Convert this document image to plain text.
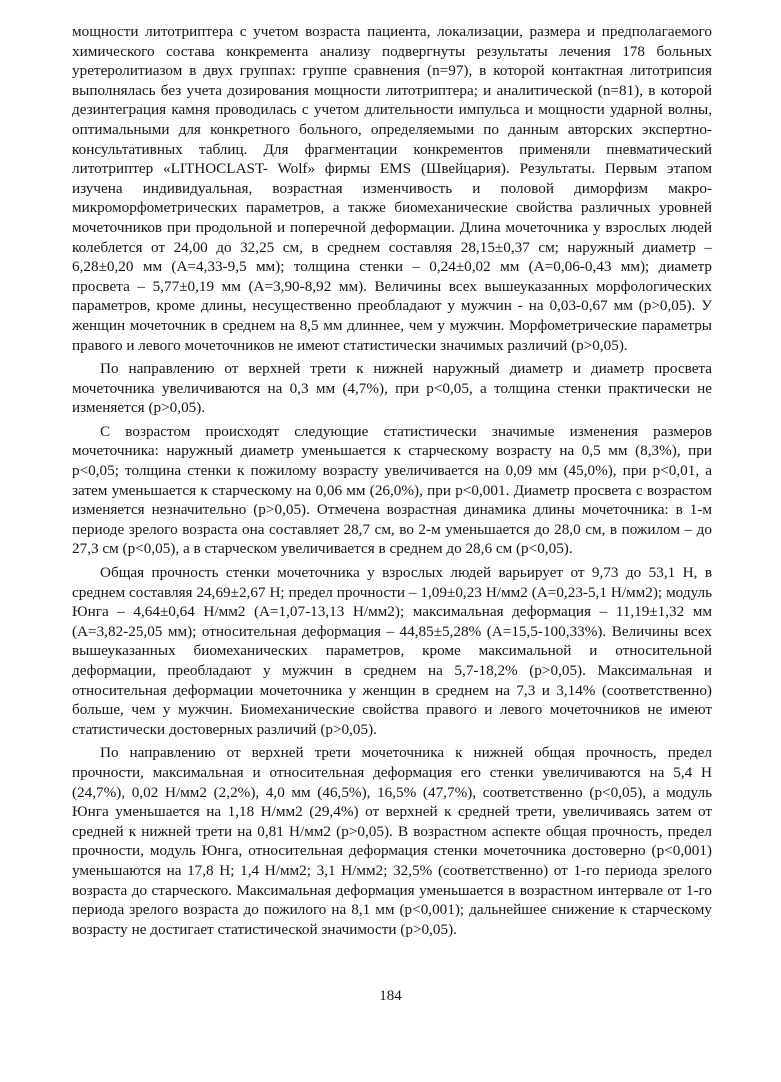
мощности литотриптера с учетом возраста пациента, локализации, размера и предполагаемого химического состава конкремента анализу подвергнуты результаты лечения 178 больных уретеролитиазом в двух группах: группе сравнения (n=97), в которой контактная литотрипсия выполнялась без учета дозирования мощности литотриптера; и аналитической (n=81), в которой дезинтеграция камня проводилась с учетом длительности импульса и мощности ударной волны, оптимальными для конкретного больного, определяемыми по данным авторских экспертно-консультативных таблиц. Для фрагментации конкрементов применяли пневматический литотриптер «LITHOCLAST- Wolf» фирмы EMS (Швейцария). Результаты. Первым этапом изучена индивидуальная, возрастная изменчивость и половой диморфизм макро-микроморфометрических параметров, а также биомеханические свойства различных уровней мочеточников при продольной и поперечной деформации. Длина мочеточника у взрослых людей колеблется от 24,00 до 32,25 см, в среднем составляя 28,15±0,37 см; наружный диаметр – 6,28±0,20 мм (А=4,33-9,5 мм); толщина стенки – 0,24±0,02 мм (А=0,06-0,43 мм); диаметр просвета – 5,77±0,19 мм (А=3,90-8,92 мм). Величины всех вышеуказанных морфологических параметров, кроме длины, несущественно преобладают у мужчин - на 0,03-0,67 мм (p>0,05). У женщин мочеточник в среднем на 8,5 мм длиннее, чем у мужчин. Морфометрические параметры правого и левого мочеточников не имеют статистически значимых различий (p>0,05).

По направлению от верхней трети к нижней наружный диаметр и диаметр просвета мочеточника увеличиваются на 0,3 мм (4,7%), при p<0,05, а толщина стенки практически не изменяется (p>0,05).

С возрастом происходят следующие статистически значимые изменения размеров мочеточника: наружный диаметр уменьшается к старческому возрасту на 0,5 мм (8,3%), при p<0,05; толщина стенки к пожилому возрасту увеличивается на 0,09 мм (45,0%), при p<0,01, а затем уменьшается к старческому на 0,06 мм (26,0%), при p<0,001. Диаметр просвета с возрастом изменяется незначительно (p>0,05). Отмечена возрастная динамика длины мочеточника: в 1-м периоде зрелого возраста она составляет 28,7 см, во 2-м уменьшается до 28,0 см, в пожилом – до 27,3 см (p<0,05), а в старческом увеличивается в среднем до 28,6 см (p<0,05).

Общая прочность стенки мочеточника у взрослых людей варьирует от 9,73 до 53,1 Н, в среднем составляя 24,69±2,67 Н; предел прочности – 1,09±0,23 Н/мм2 (А=0,23-5,1 Н/мм2); модуль Юнга – 4,64±0,64 Н/мм2 (А=1,07-13,13 Н/мм2); максимальная деформация – 11,19±1,32 мм (А=3,82-25,05 мм); относительная деформация – 44,85±5,28% (А=15,5-100,33%). Величины всех вышеуказанных биомеханических параметров, кроме максимальной и относительной деформации, преобладают у мужчин в среднем на 5,7-18,2% (p>0,05). Максимальная и относительная деформации мочеточника у женщин в среднем на 7,3 и 3,14% (соответственно) больше, чем у мужчин. Биомеханические свойства правого и левого мочеточников не имеют статистически достоверных различий (p>0,05).

По направлению от верхней трети мочеточника к нижней общая прочность, предел прочности, максимальная и относительная деформация его стенки увеличиваются на 5,4 Н (24,7%), 0,02 Н/мм2 (2,2%), 4,0 мм (46,5%), 16,5% (47,7%), соответственно (p<0,05), а модуль Юнга уменьшается на 1,18 Н/мм2 (29,4%) от верхней к средней трети, увеличиваясь затем от средней к нижней трети на 0,81 Н/мм2 (p>0,05). В возрастном аспекте общая прочность, предел прочности, модуль Юнга, относительная деформация стенки мочеточника достоверно (p<0,001) уменьшаются на 17,8 Н; 1,4 Н/мм2; 3,1 Н/мм2; 32,5% (соответственно) от 1-го периода зрелого возраста до старческого. Максимальная деформация уменьшается в возрастном интервале от 1-го периода зрелого возраста до пожилого на 8,1 мм (p<0,001); дальнейшее снижение к старческому возрасту не достигает статистической значимости (p>0,05).

184
